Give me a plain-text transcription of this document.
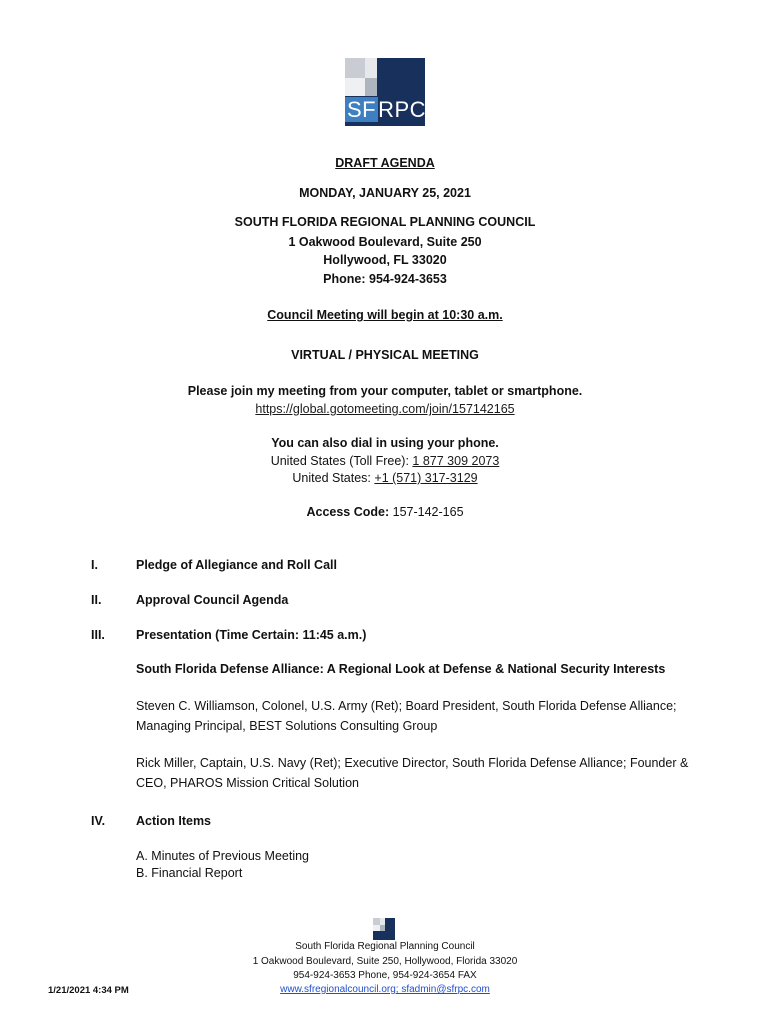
SFRPC
DRAFT AGENDA
MONDAY, JANUARY 25, 2021
SOUTH FLORIDA REGIONAL PLANNING COUNCIL
1 Oakwood Boulevard, Suite 250
Hollywood, FL 33020
Phone: 954-924-3653
Council Meeting will begin at 10:30 a.m.
VIRTUAL / PHYSICAL MEETING
Please join my meeting from your computer, tablet or smartphone.
https://global.gotomeeting.com/join/157142165
You can also dial in using your phone.
United States (Toll Free): 1 877 309 2073
United States: +1 (571) 317-3129
Access Code: 157-142-165
I.	Pledge of Allegiance and Roll Call
II.	Approval Council Agenda
III. Presentation (Time Certain: 11:45 a.m.)
South Florida Defense Alliance: A Regional Look at Defense & National Security Interests
Steven C. Williamson, Colonel, U.S. Army (Ret); Board President, South Florida Defense Alliance; Managing Principal, BEST Solutions Consulting Group
Rick Miller, Captain, U.S. Navy (Ret); Executive Director, South Florida Defense Alliance; Founder & CEO, PHAROS Mission Critical Solution
IV. Action Items
A. Minutes of Previous Meeting
B. Financial Report
South Florida Regional Planning Council
1 Oakwood Boulevard, Suite 250, Hollywood, Florida 33020
954-924-3653 Phone, 954-924-3654 FAX
www.sfregionalcouncil.org; sfadmin@sfrpc.com
1/21/2021 4:34 PM
